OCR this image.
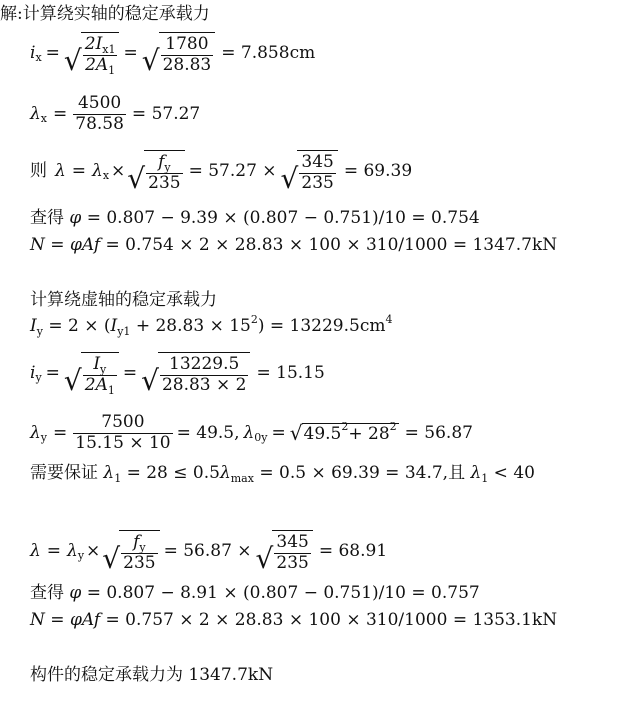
解:计算绕实轴的稳定承载力
i x = √
$2I_{x1}$
$2A_1$
= √
1780
28.83
= 7.858cm
λ $x = \frac{4500}{78.58} = 57.27$
则 λ = λ x × √
$f_y$
235
= 57.27 × √
345
235
= 69.39
查得 φ = 0.807 − 9.39 × (0.807 − 0.751)/10 = 0.754
N = φAf = 0.754 × 2 × 28.83 × 100 × 310/1000 = 1347.7kN
计算绕虚轴的稳定承载力
$I_y = 2 \times (I_{y1} + 28.83 \times 15^2) = 13229.5cm^4$
i y = √
$I_y$
$2A_1$
= √
13229.5
28.83 × 2
= 15.15
λ $y = \frac{7500}{15.15 \times 10} = 49.5$, λ 0y = √ 49.5 2 + 28 2 = 56.87
需要保证 $\lambda_1 = 28 \le 0.5\lambda_{max} = 0.5 \times 69.39 = 34.7$,且 $\lambda_1 < 40$
λ = λ y × √
$f_y$
235
= 56.87 × √
345
235
= 68.91
查得 φ = 0.807 − 8.91 × (0.807 − 0.751)/10 = 0.757
N = φAf = 0.757 × 2 × 28.83 × 100 × 310/1000 = 1353.1kN
构件的稳定承载力为 1347.7kN
